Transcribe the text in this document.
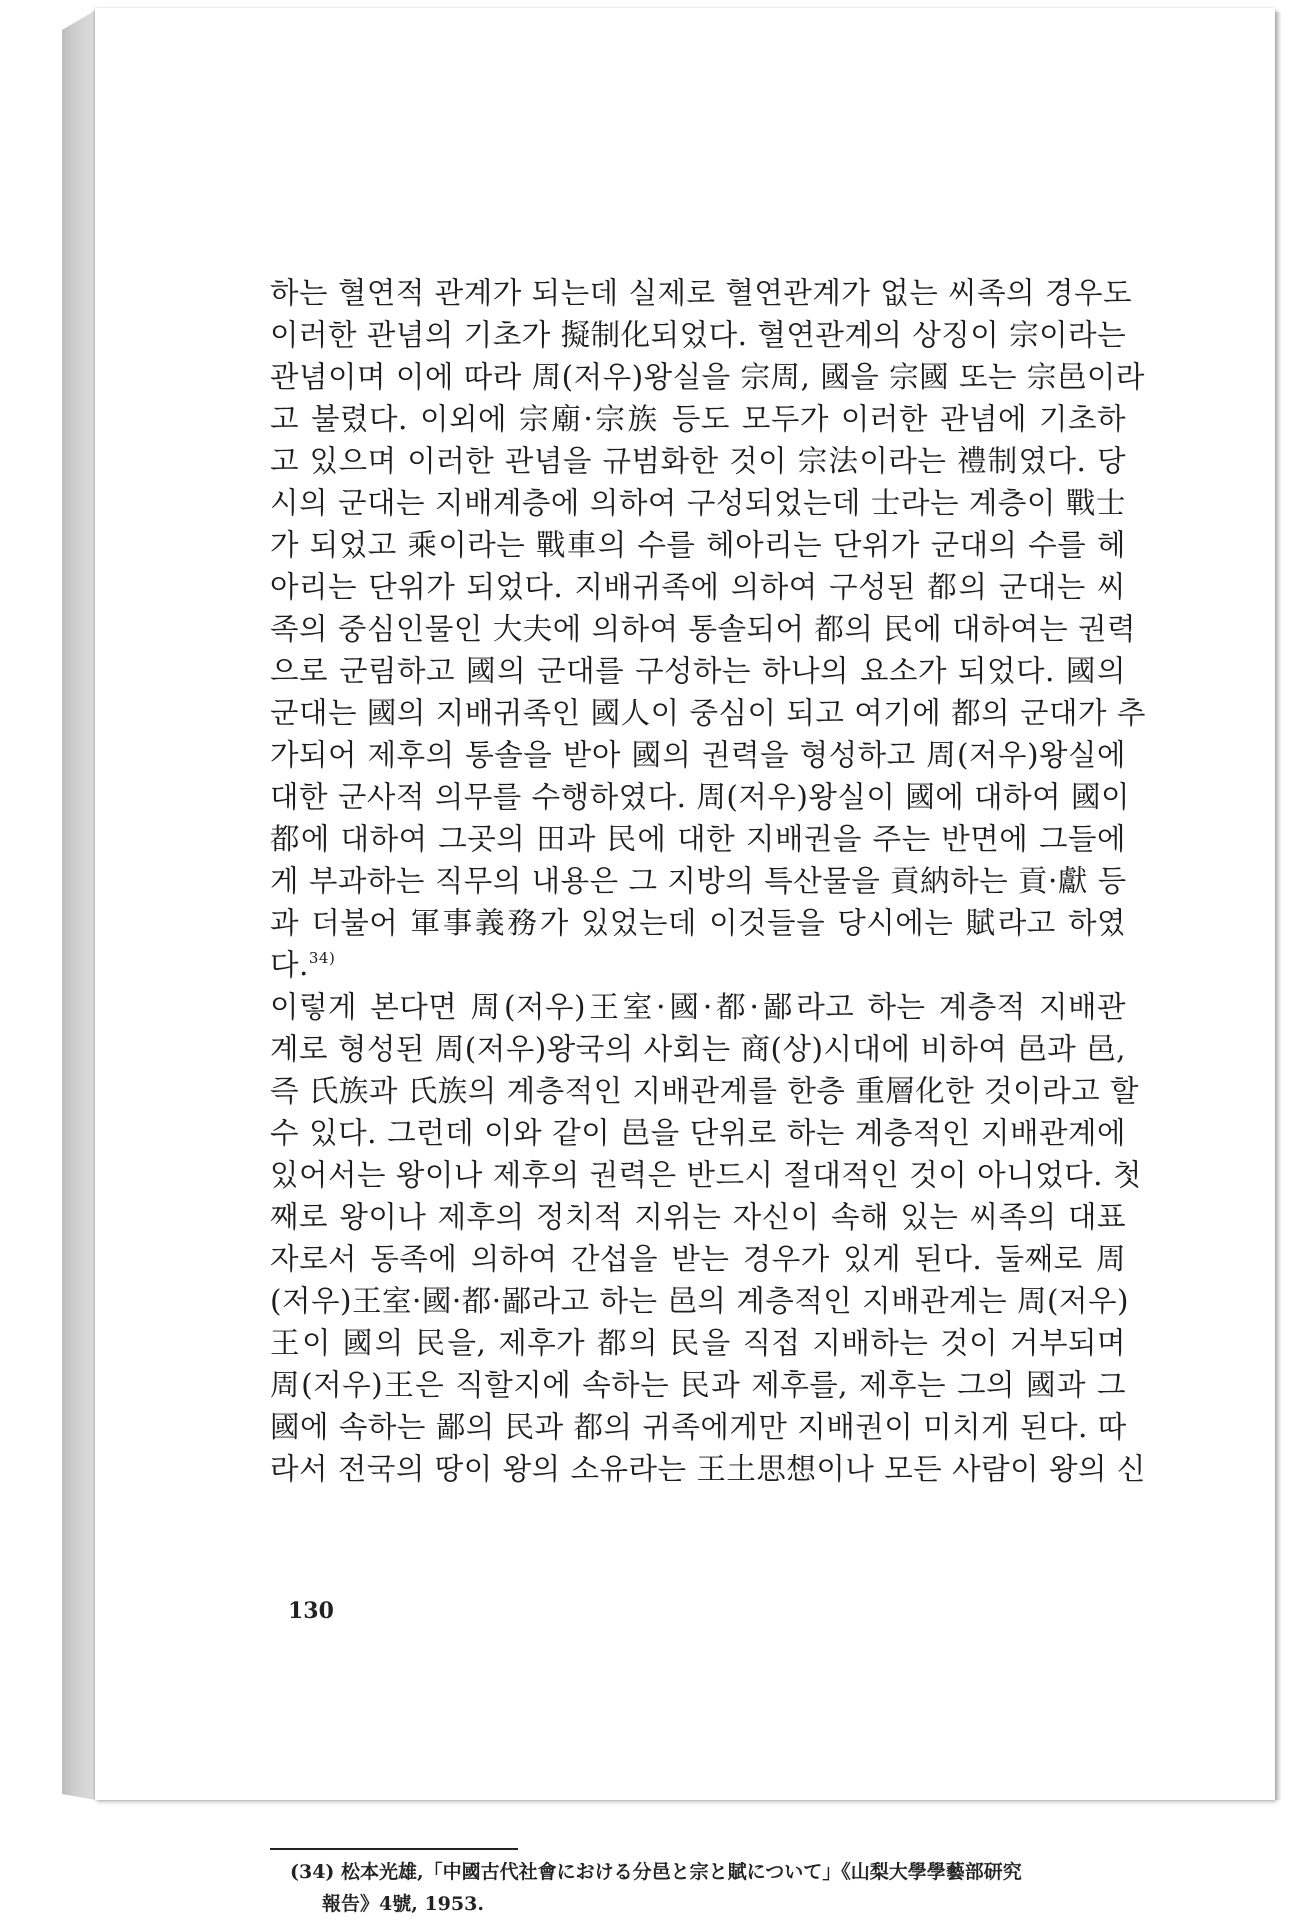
하는 혈연적 관계가 되는데 실제로 혈연관계가 없는 씨족의 경우도
이러한 관념의 기초가 擬制化되었다. 혈연관계의 상징이 宗이라는
관념이며 이에 따라 周(저우)왕실을 宗周, 國을 宗國 또는 宗邑이라
고 불렸다. 이외에 宗廟·宗族 등도 모두가 이러한 관념에 기초하
고 있으며 이러한 관념을 규범화한 것이 宗法이라는 禮制였다. 당
시의 군대는 지배계층에 의하여 구성되었는데 士라는 계층이 戰士
가 되었고 乘이라는 戰車의 수를 헤아리는 단위가 군대의 수를 헤
아리는 단위가 되었다. 지배귀족에 의하여 구성된 都의 군대는 씨
족의 중심인물인 大夫에 의하여 통솔되어 都의 民에 대하여는 권력
으로 군림하고 國의 군대를 구성하는 하나의 요소가 되었다. 國의
군대는 國의 지배귀족인 國人이 중심이 되고 여기에 都의 군대가 추
가되어 제후의 통솔을 받아 國의 권력을 형성하고 周(저우)왕실에
대한 군사적 의무를 수행하였다. 周(저우)왕실이 國에 대하여 國이
都에 대하여 그곳의 田과 民에 대한 지배권을 주는 반면에 그들에
게 부과하는 직무의 내용은 그 지방의 특산물을 貢納하는 貢·獻 등
과 더불어 軍事義務가 있었는데 이것들을 당시에는 賦라고 하였
다.$^{34)}$
이렇게 본다면 周(저우)王室·國·都·鄙라고 하는 계층적 지배관
계로 형성된 周(저우)왕국의 사회는 商(상)시대에 비하여 邑과 邑,
즉 氏族과 氏族의 계층적인 지배관계를 한층 重層化한 것이라고 할
수 있다. 그런데 이와 같이 邑을 단위로 하는 계층적인 지배관계에
있어서는 왕이나 제후의 권력은 반드시 절대적인 것이 아니었다. 첫
째로 왕이나 제후의 정치적 지위는 자신이 속해 있는 씨족의 대표
자로서 동족에 의하여 간섭을 받는 경우가 있게 된다. 둘째로 周
(저우)王室·國·都·鄙라고 하는 邑의 계층적인 지배관계는 周(저우)
王이 國의 民을, 제후가 都의 民을 직접 지배하는 것이 거부되며
周(저우)王은 직할지에 속하는 民과 제후를, 제후는 그의 國과 그
國에 속하는 鄙의 民과 都의 귀족에게만 지배권이 미치게 된다. 따
라서 전국의 땅이 왕의 소유라는 王土思想이나 모든 사람이 왕의 신
(34) 松本光雄,「中國古代社會における分邑と宗と賦について」《山梨大學學藝部研究
報告》4號, 1953.
130
